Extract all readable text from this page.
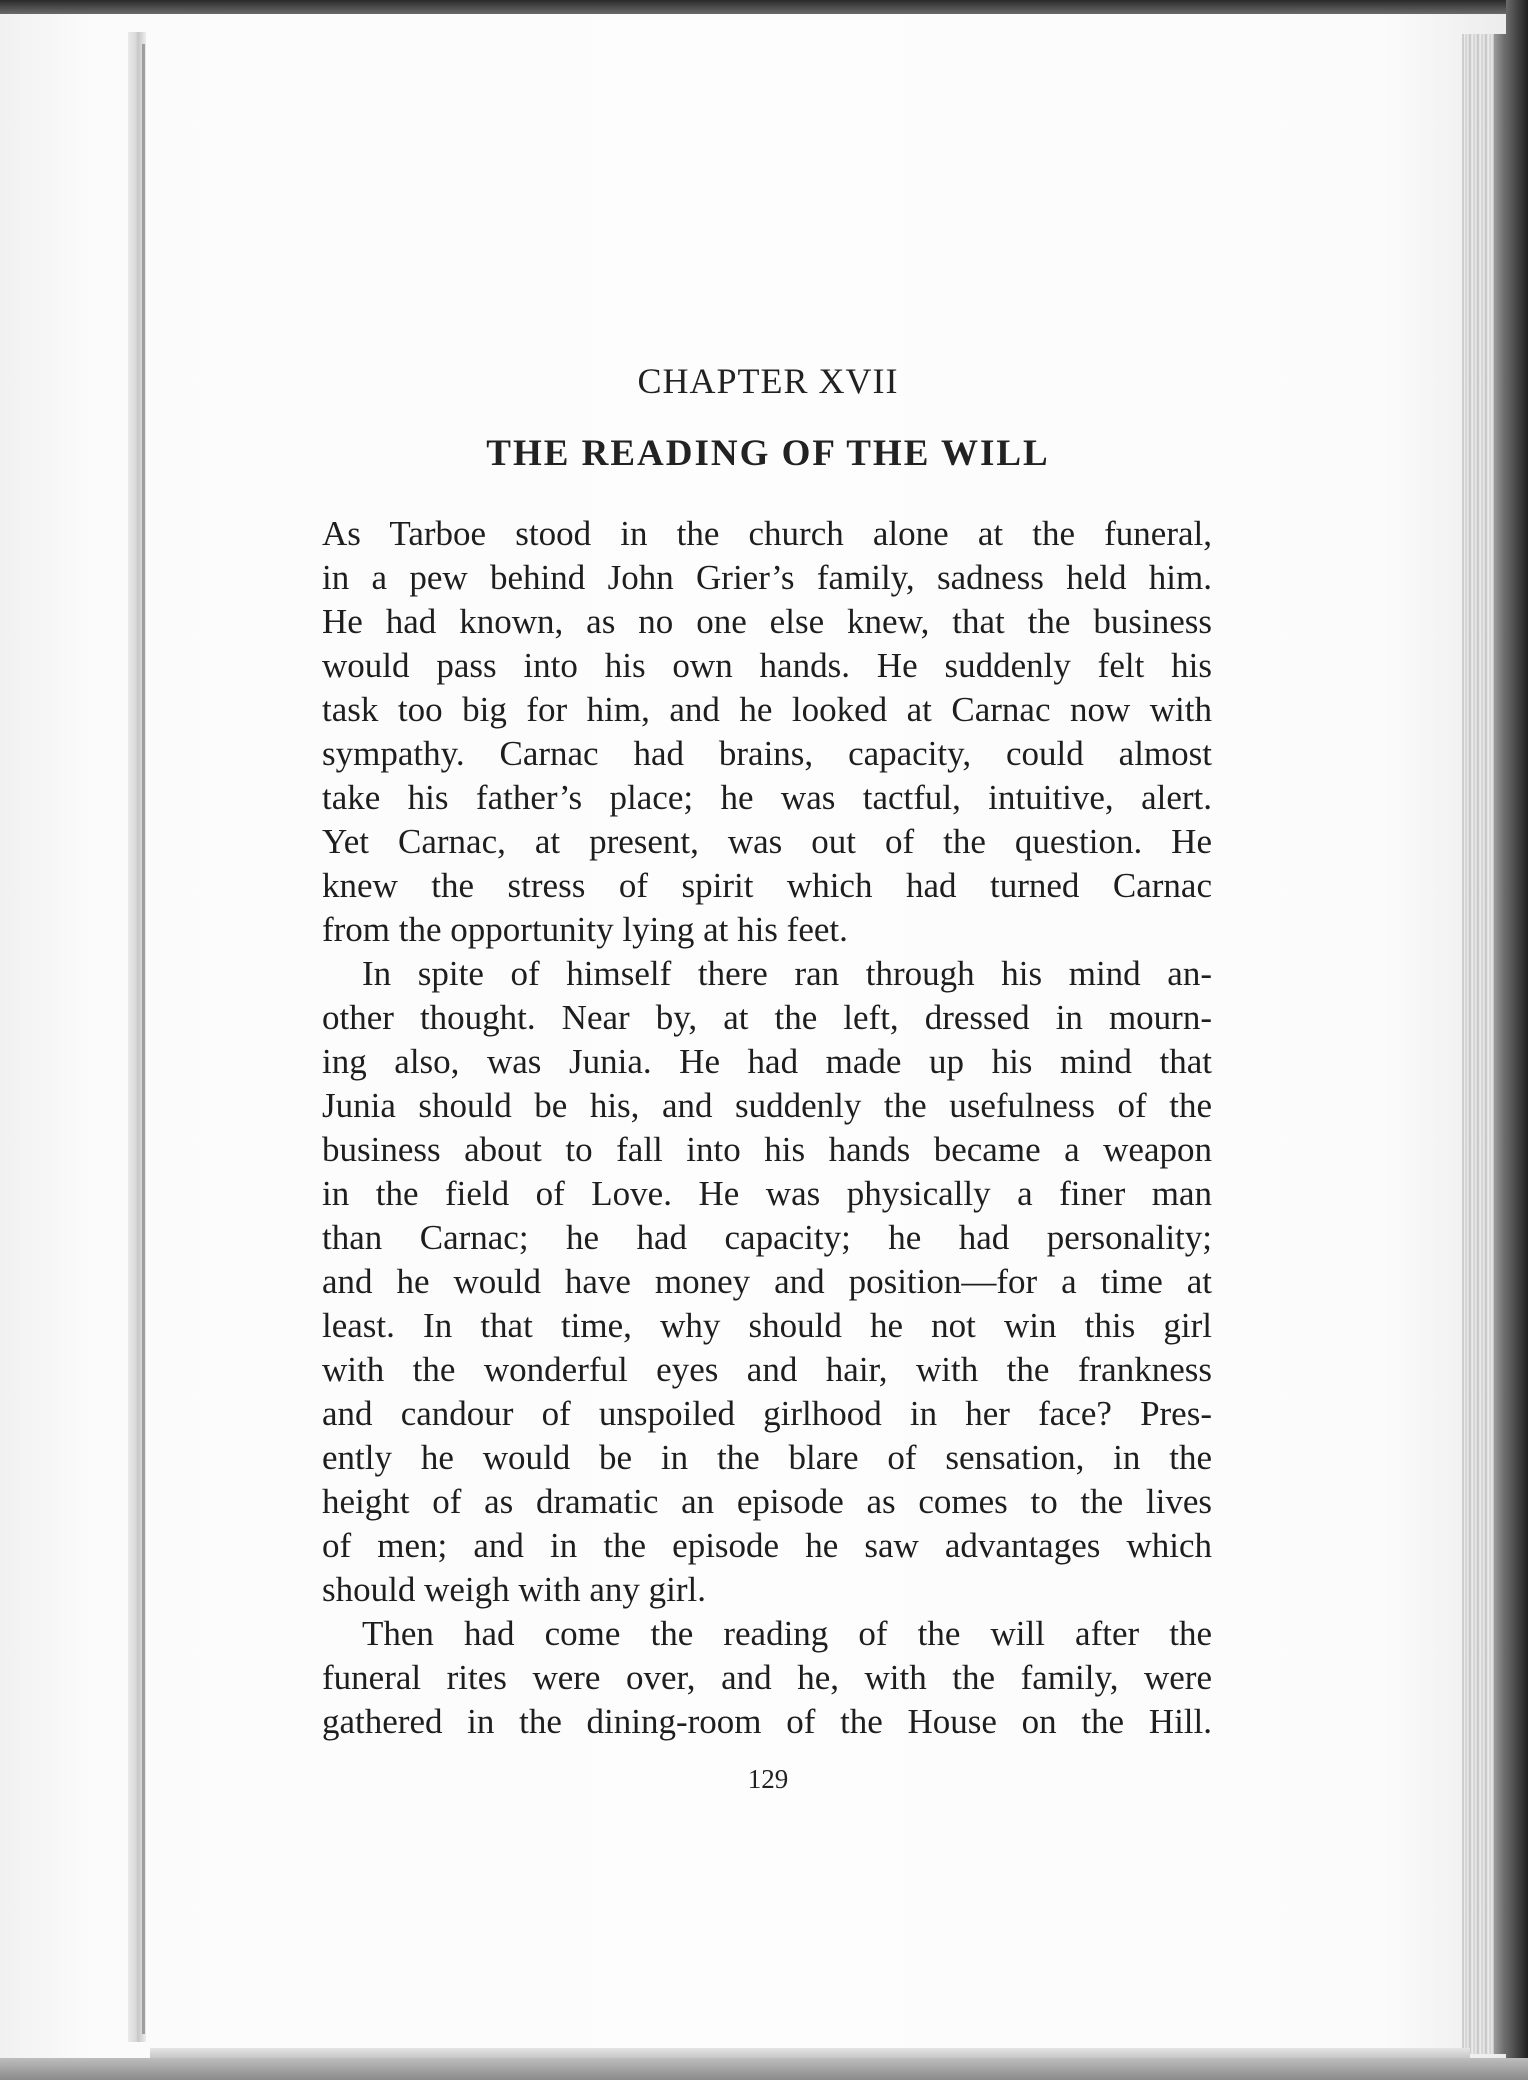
CHAPTER XVII
THE READING OF THE WILL
As Tarboe stood in the church alone at the funeral,
in a pew behind John Grier’s family, sadness held him.
He had known, as no one else knew, that the business
would pass into his own hands. He suddenly felt his
task too big for him, and he looked at Carnac now with
sympathy. Carnac had brains, capacity, could almost
take his father’s place; he was tactful, intuitive, alert.
Yet Carnac, at present, was out of the question. He
knew the stress of spirit which had turned Carnac
from the opportunity lying at his feet.
In spite of himself there ran through his mind an-
other thought. Near by, at the left, dressed in mourn-
ing also, was Junia. He had made up his mind that
Junia should be his, and suddenly the usefulness of the
business about to fall into his hands became a weapon
in the field of Love. He was physically a finer man
than Carnac; he had capacity; he had personality;
and he would have money and position—for a time at
least. In that time, why should he not win this girl
with the wonderful eyes and hair, with the frankness
and candour of unspoiled girlhood in her face? Pres-
ently he would be in the blare of sensation, in the
height of as dramatic an episode as comes to the lives
of men; and in the episode he saw advantages which
should weigh with any girl.
Then had come the reading of the will after the
funeral rites were over, and he, with the family, were
gathered in the dining-room of the House on the Hill.
129
